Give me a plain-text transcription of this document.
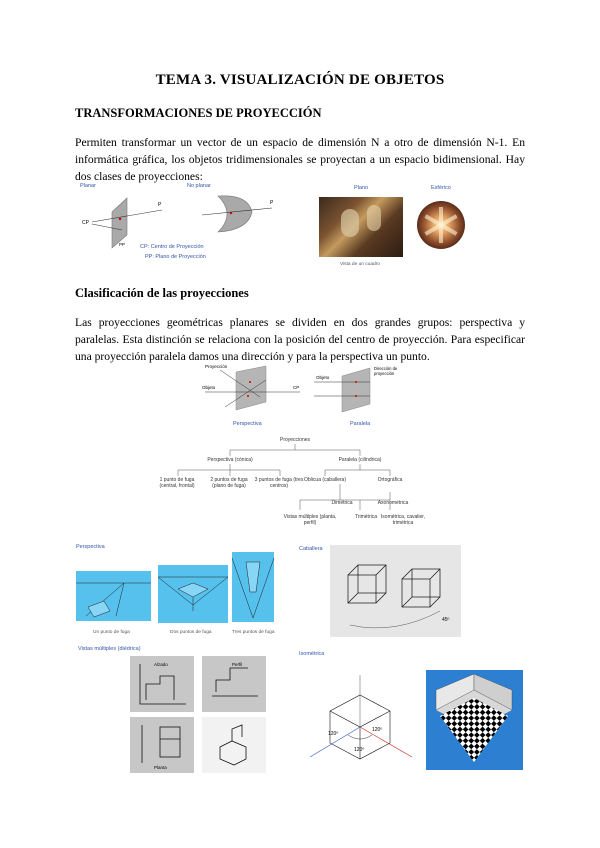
TEMA 3. VISUALIZACIÓN DE OBJETOS

TRANSFORMACIONES DE PROYECCIÓN

Permiten transformar un vector de un espacio de dimensión N a otro de dimensión N-1. En informática gráfica, los objetos tridimensionales se proyectan a un espacio bidimensional. Hay dos clases de proyecciones:

Planar
CP
P
PP
No planar
P
CP: Centro de Proyección
PP: Plano de Proyección
Plano
Vista de un cuadro
Esférico

Clasificación de las proyecciones

Las proyecciones geométricas planares se dividen en dos grandes grupos: perspectiva y paralelas. Esta distinción se relaciona con la posición del centro de proyección. Para especificar una proyección paralela damos una dirección y para la perspectiva un punto.

Objeto
Proyección
CP
Perspectiva
Objeto
Dirección de
proyección
Paralela
Proyecciones
Perspectiva (cónica)	Paralela (cilíndrica)
1 punto de fuga (central, frontal)
2 puntos de fuga (plano de fuga)
3 puntos de fuga (tres centros)
Oblicua (caballera)	Ortográfica
Dimétrica	Axonométrica
Vistas múltiples (planta, perfil)
Trimétrica Isométrica, cavalier, trimétrica
Perspectiva
Un punto de fuga	Dos puntos de fuga	Tres puntos de fuga
Caballera
45º
Vistas múltiples (diédrica)
Alzado	Perfil
Planta
Isométrica
120º
120º
120º
